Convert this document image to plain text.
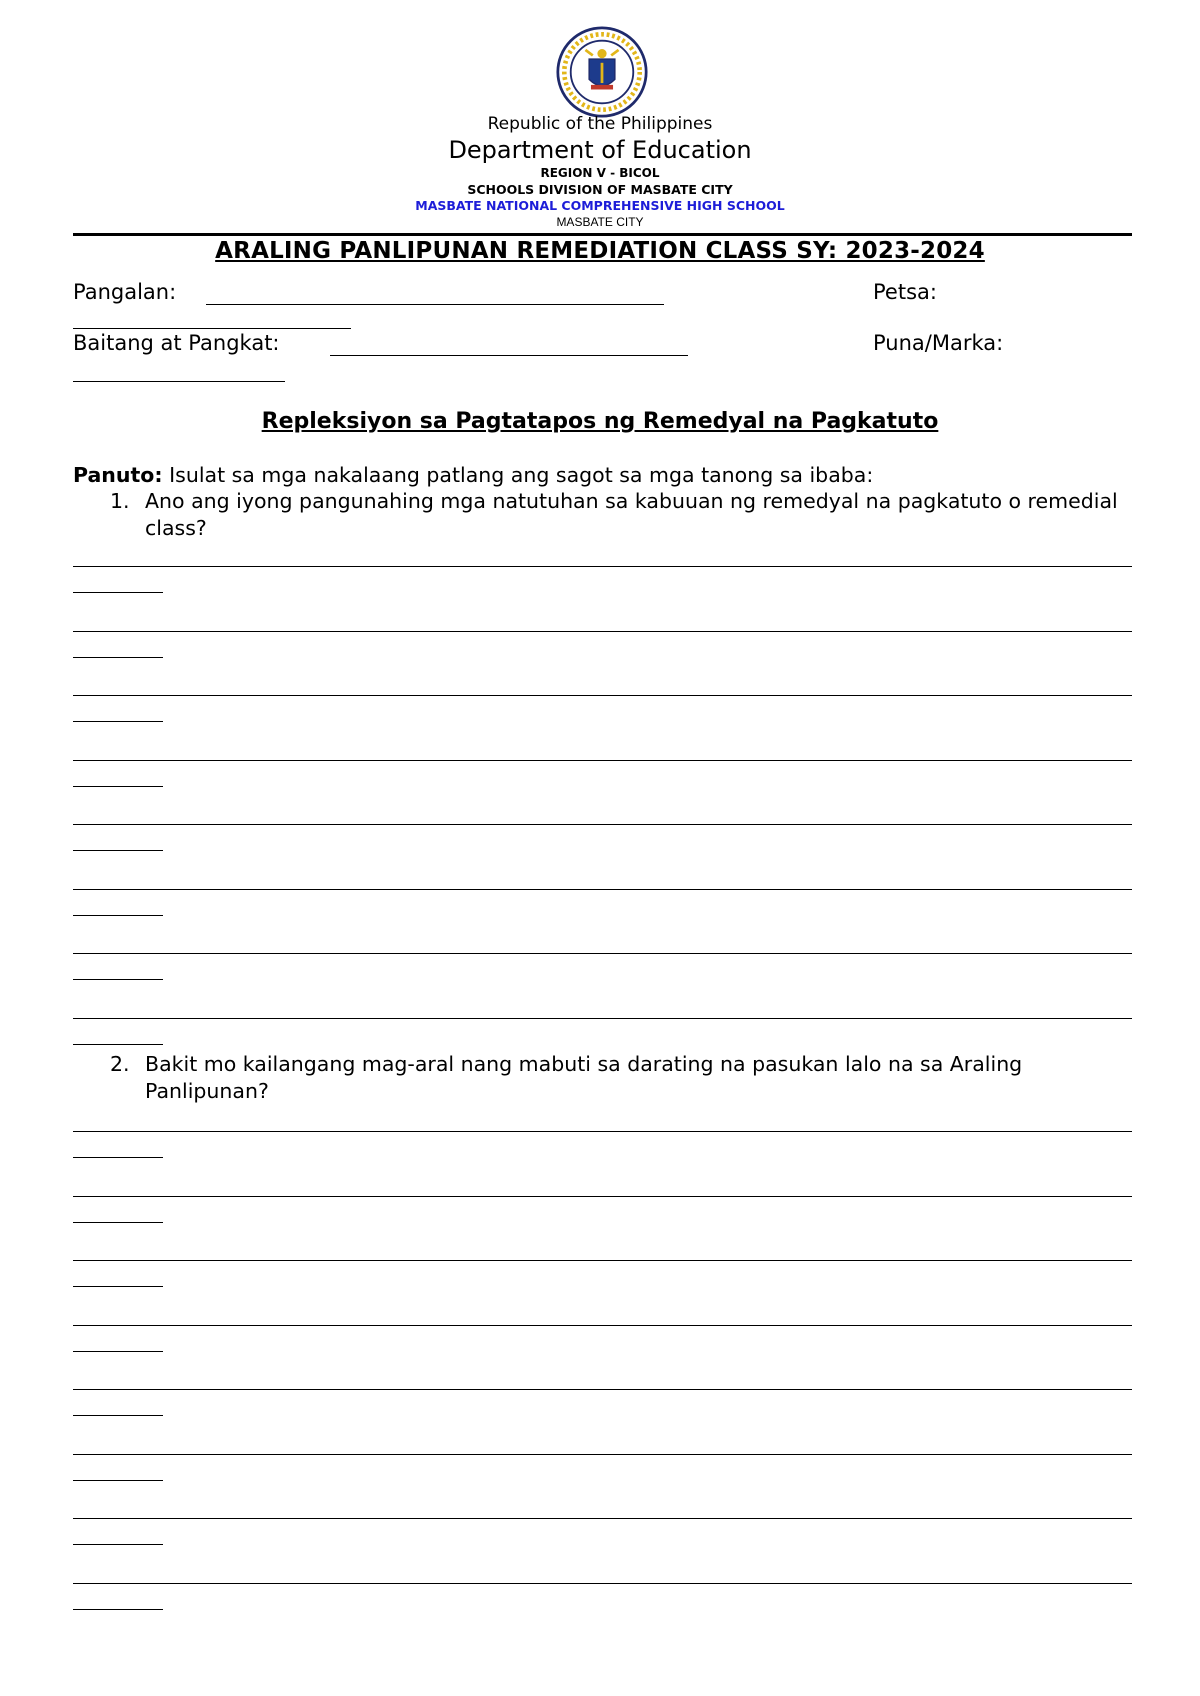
Republic of the Philippines
Department of Education
REGION V - BICOL
SCHOOLS DIVISION OF MASBATE CITY
MASBATE NATIONAL COMPREHENSIVE HIGH SCHOOL
MASBATE CITY
ARALING PANLIPUNAN REMEDIATION CLASS SY: 2023-2024
Pangalan:	Petsa:
Baitang at Pangkat:	Puna/Marka:
Repleksiyon sa Pagtatapos ng Remedyal na Pagkatuto
Panuto: Isulat sa mga nakalaang patlang ang sagot sa mga tanong sa ibaba:
1. Ano ang iyong pangunahing mga natutuhan sa kabuuan ng remedyal na pagkatuto o remedial class?
2. Bakit mo kailangang mag-aral nang mabuti sa darating na pasukan lalo na sa Araling Panlipunan?
